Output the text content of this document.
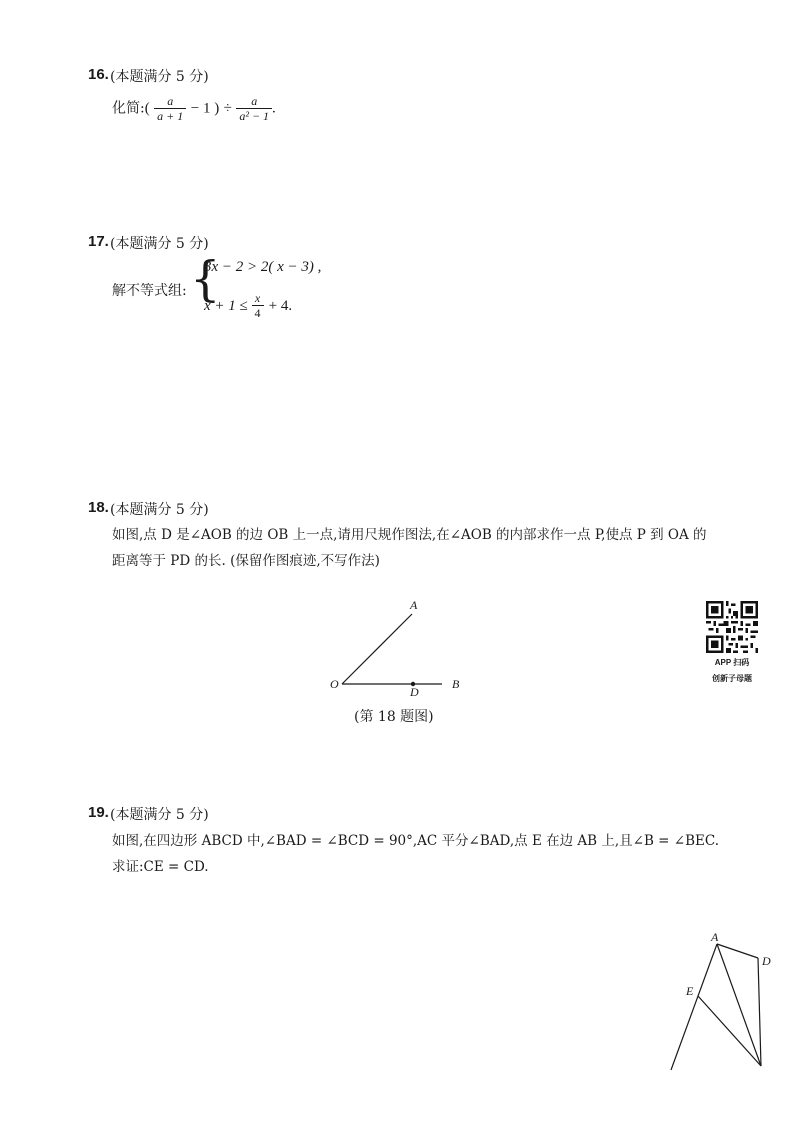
16. (本题满分 5 分)
化简:( $\frac{a}{a + 1} - 1$ ) ÷ $\frac{a}{\text{a² − 1}}$ .
17. (本题满分 5 分)
解不等式组: {
3x − 2 > 2( x − 3) ,
$x + 1 \le \frac{x}{4} + 4$.
18. (本题满分 5 分)
如图,点 D 是∠AOB 的边 OB 上一点,请用尺规作图法,在∠AOB 的内部求作一点 P,使点 P 到 OA 的
距离等于 PD 的长. (保留作图痕迹,不写作法)
A
O
D
B
(第 18 题图)
APP 扫码
创新子母题
19. (本题满分 5 分)
如图,在四边形 ABCD 中,∠BAD = ∠BCD = 90°,AC 平分∠BAD,点 E 在边 AB 上,且∠B = ∠BEC.
求证:CE = CD.
A
D
E
